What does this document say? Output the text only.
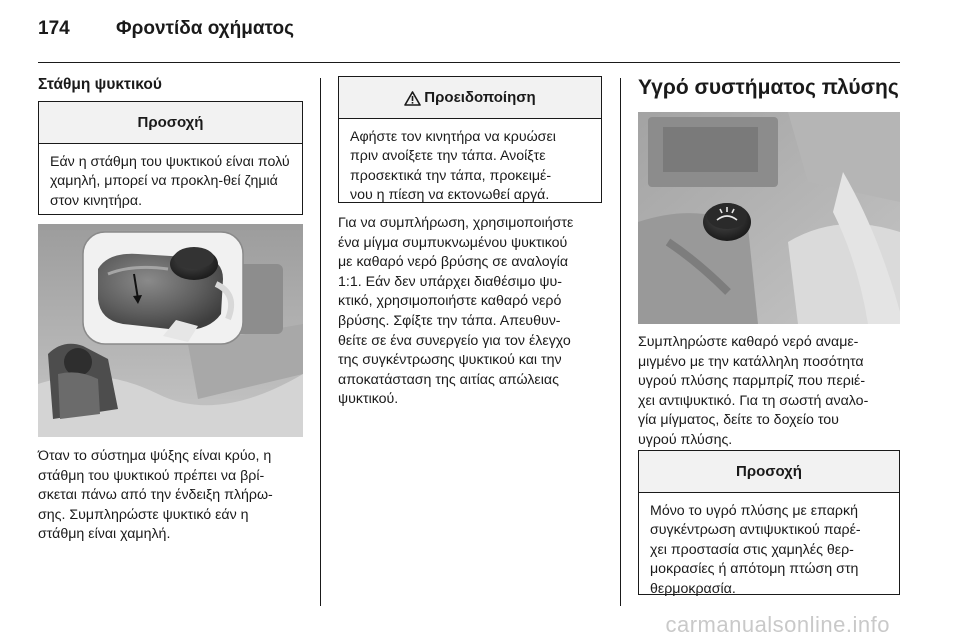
174	Φροντίδα οχήματος
Στάθμη ψυκτικού
Προσοχή
Εάν η στάθμη του ψυκτικού είναι πολύ χαμηλή, μπορεί να προκλη-θεί ζημιά στον κινητήρα.
Όταν το σύστημα ψύξης είναι κρύο, η
στάθμη του ψυκτικού πρέπει να βρί-
σκεται πάνω από την ένδειξη πλήρω-
σης. Συμπληρώστε ψυκτικό εάν η
στάθμη είναι χαμηλή.
Προειδοποίηση
Αφήστε τον κινητήρα να κρυώσει
πριν ανοίξετε την τάπα. Ανοίξτε
προσεκτικά την τάπα, προκειμέ-
νου η πίεση να εκτονωθεί αργά.
Για να συμπλήρωση, χρησιμοποιήστε
ένα μίγμα συμπυκνωμένου ψυκτικού
με καθαρό νερό βρύσης σε αναλογία
1:1. Εάν δεν υπάρχει διαθέσιμο ψυ-
κτικό, χρησιμοποιήστε καθαρό νερό
βρύσης. Σφίξτε την τάπα. Απευθυν-
θείτε σε ένα συνεργείο για τον έλεγχο
της συγκέντρωσης ψυκτικού και την
αποκατάσταση της αιτίας απώλειας
ψυκτικού.
Υγρό συστήματος πλύσης
Συμπληρώστε καθαρό νερό αναμε-
μιγμένο με την κατάλληλη ποσότητα
υγρού πλύσης παρμπρίζ που περιέ-
χει αντιψυκτικό. Για τη σωστή αναλο-
γία μίγματος, δείτε το δοχείο του
υγρού πλύσης.
Προσοχή
Μόνο το υγρό πλύσης με επαρκή
συγκέντρωση αντιψυκτικού παρέ-
χει προστασία στις χαμηλές θερ-
μοκρασίες ή απότομη πτώση στη
θερμοκρασία.
carmanualsonline.info
